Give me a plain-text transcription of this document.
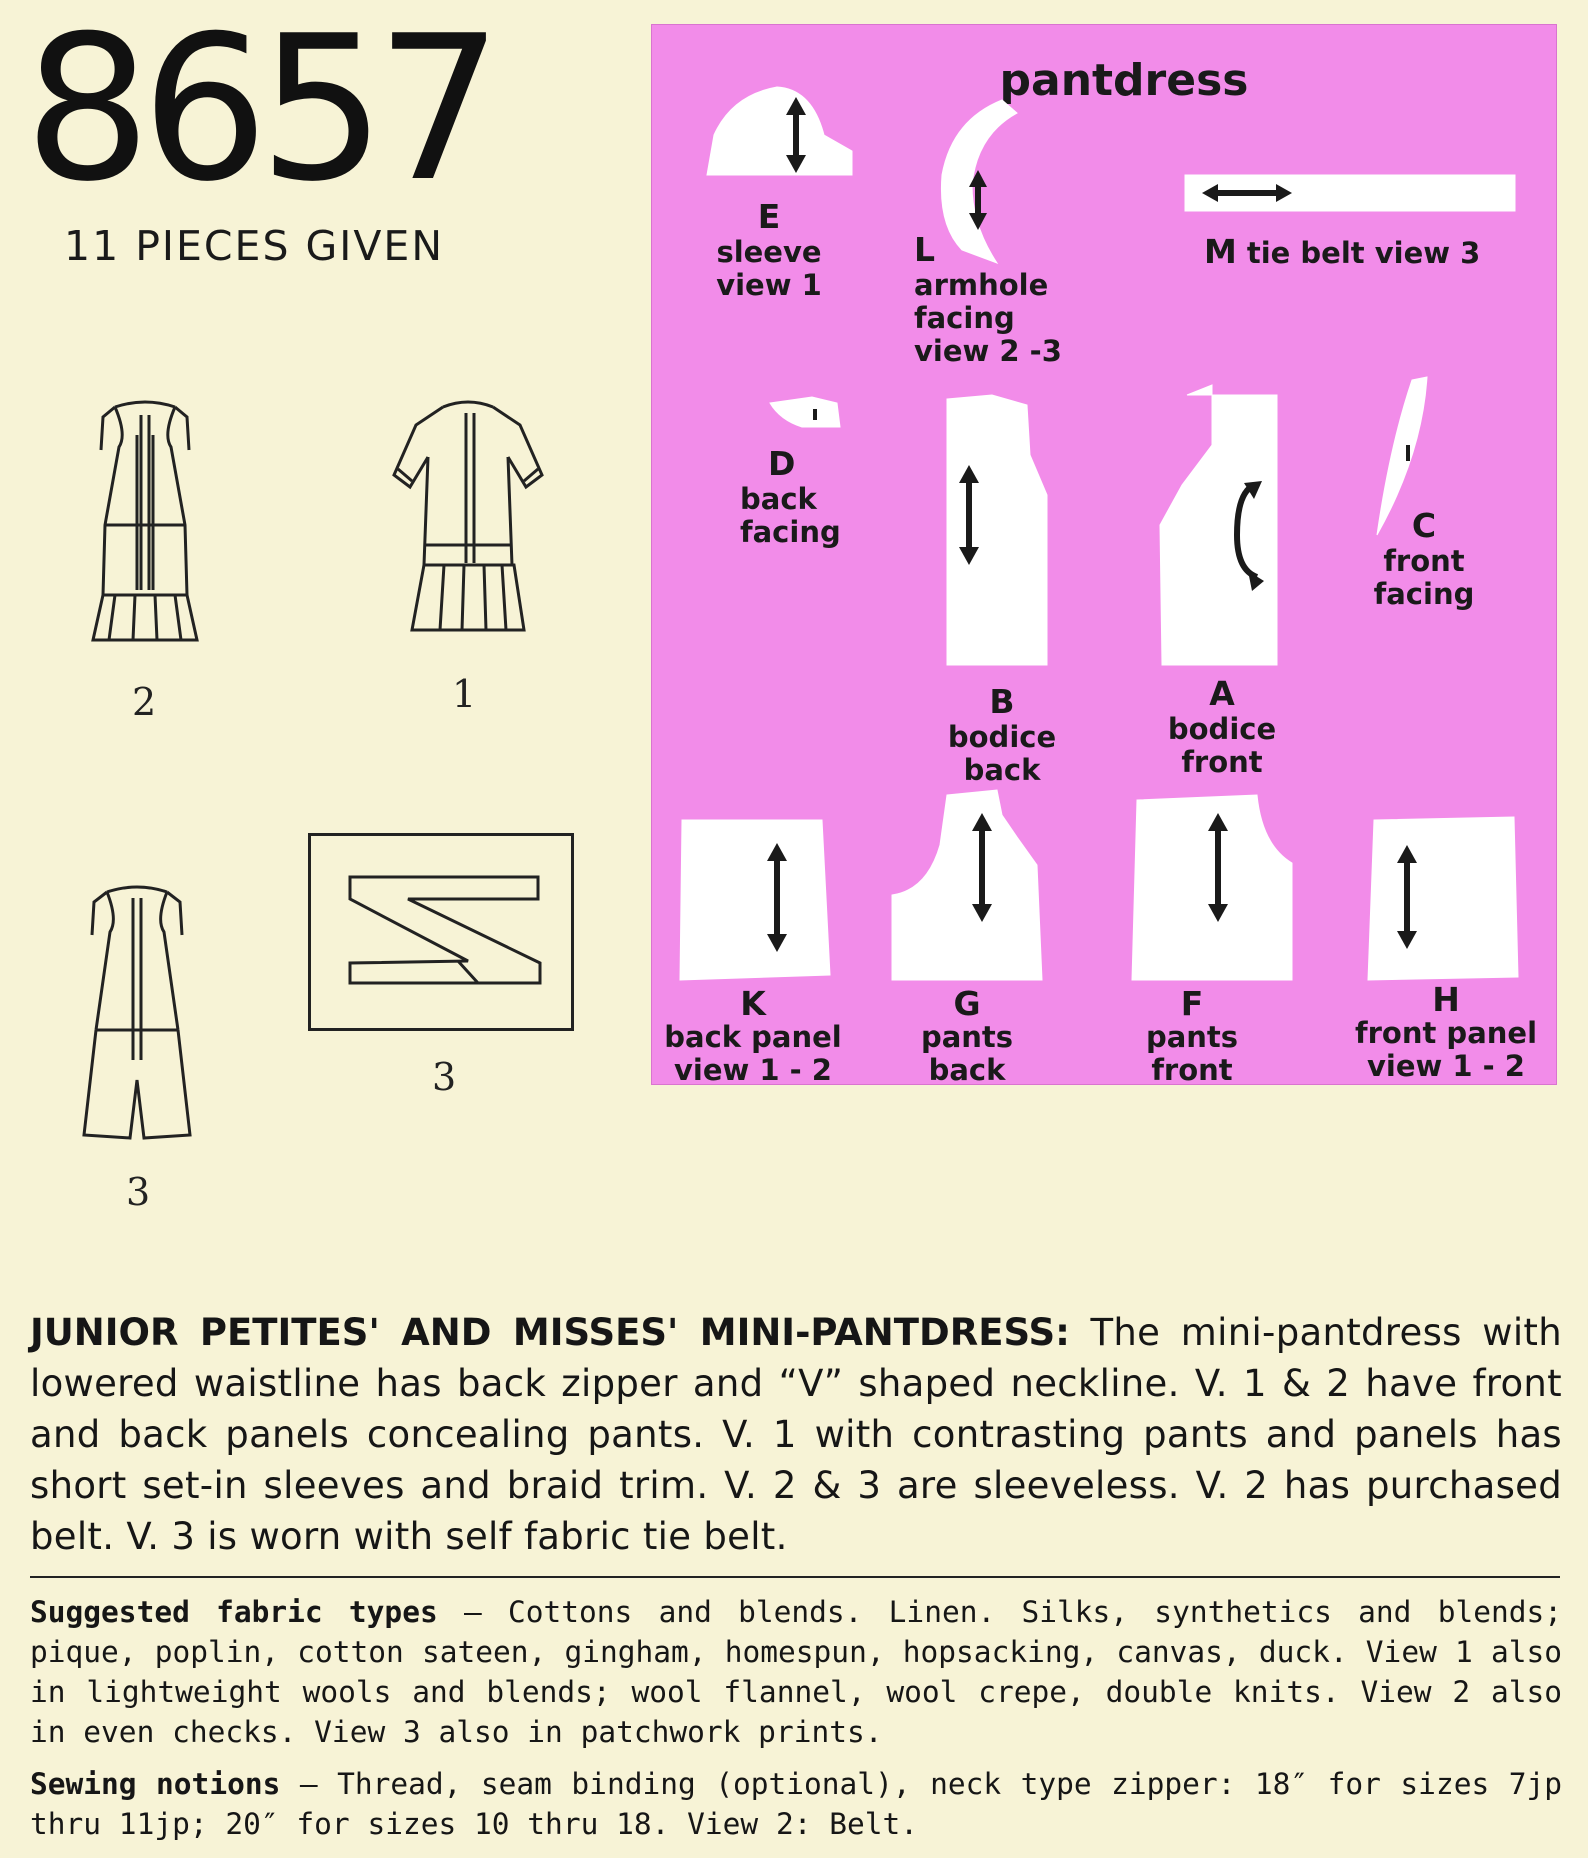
8657
11 PIECES GIVEN
2	1
3
3
pantdress
E
sleeve
view 1
L
armhole
facing
view 2 -3
M tie belt view 3
D
back
facing	C
front
facing
B
bodice
back
A
bodice
front
K
back panel
view 1 - 2
G
pants
back
F
pants
front
H
front panel
view 1 - 2
JUNIOR PETITES' AND MISSES' MINI-PANTDRESS: The mini-pantdress with lowered waistline has back zipper and “V” shaped neckline. V. 1 & 2 have front and back panels concealing pants. V. 1 with contrasting pants and panels has short set-in sleeves and braid trim. V. 2 & 3 are sleeveless. V. 2 has purchased belt. V. 3 is worn with self fabric tie belt.
Suggested fabric types — Cottons and blends. Linen. Silks, synthetics and blends; pique, poplin, cotton sateen, gingham, homespun, hopsacking, canvas, duck. View 1 also in lightweight wools and blends; wool flannel, wool crepe, double knits. View 2 also in even checks. View 3 also in patchwork prints.
Sewing notions — Thread, seam binding (optional), neck type zipper: 18″ for sizes 7jp thru 11jp; 20″ for sizes 10 thru 18. View 2: Belt.
